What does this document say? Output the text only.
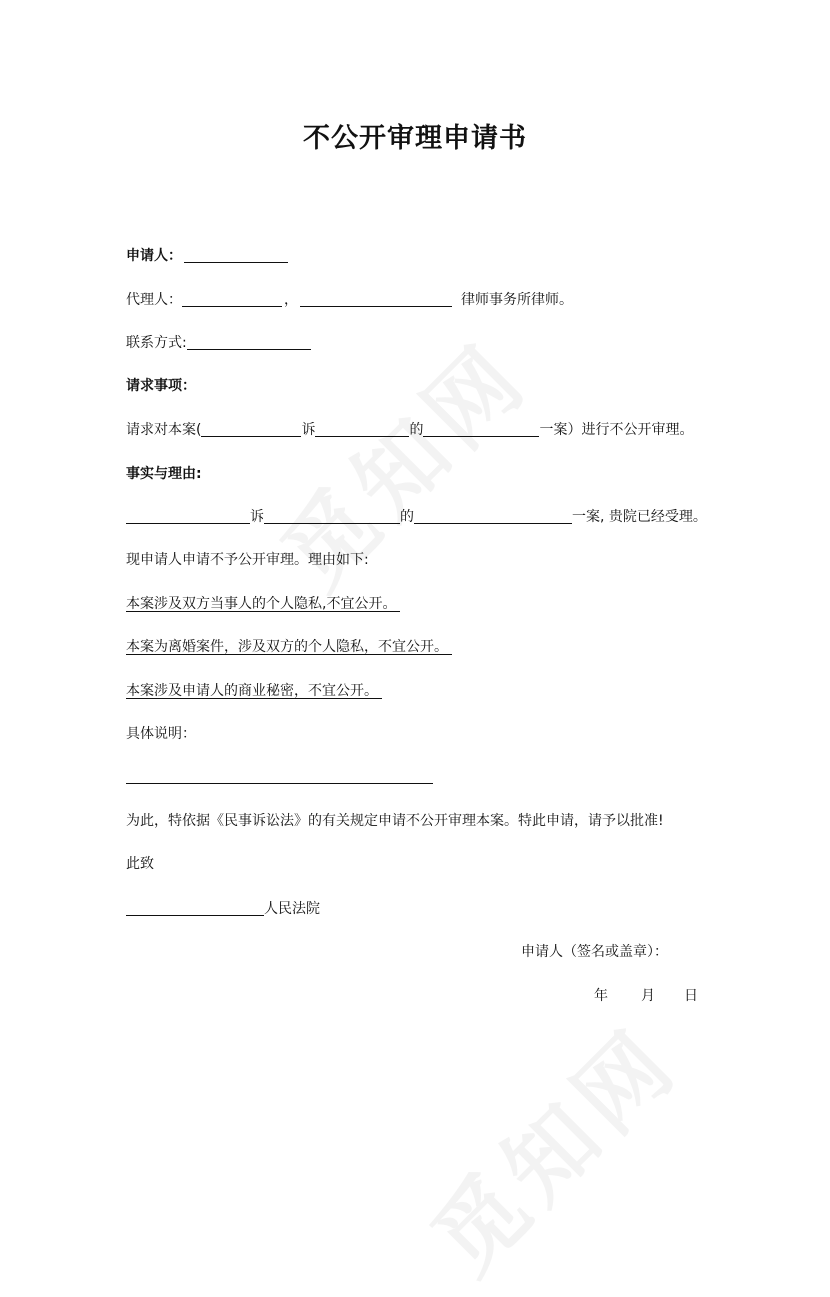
不公开审理申请书
申请人：
代理人：	，	律师事务所律师。
联系方式:
请求事项：
请求对本案(	诉	的	一案）进行不公开审理。
事实与理由:
诉	的	一案, 贵院已经受理。
现申请人申请不予公开审理。理由如下:
本案涉及双方当事人的个人隐私,不宜公开。
本案为离婚案件，涉及双方的个人隐私，不宜公开。
本案涉及申请人的商业秘密，不宜公开。
具体说明：
为此，特依据《民事诉讼法》的有关规定申请不公开审理本案。特此申请，请予以批准!
此致
人民法院
申请人（签名或盖章）：
年 月 日
